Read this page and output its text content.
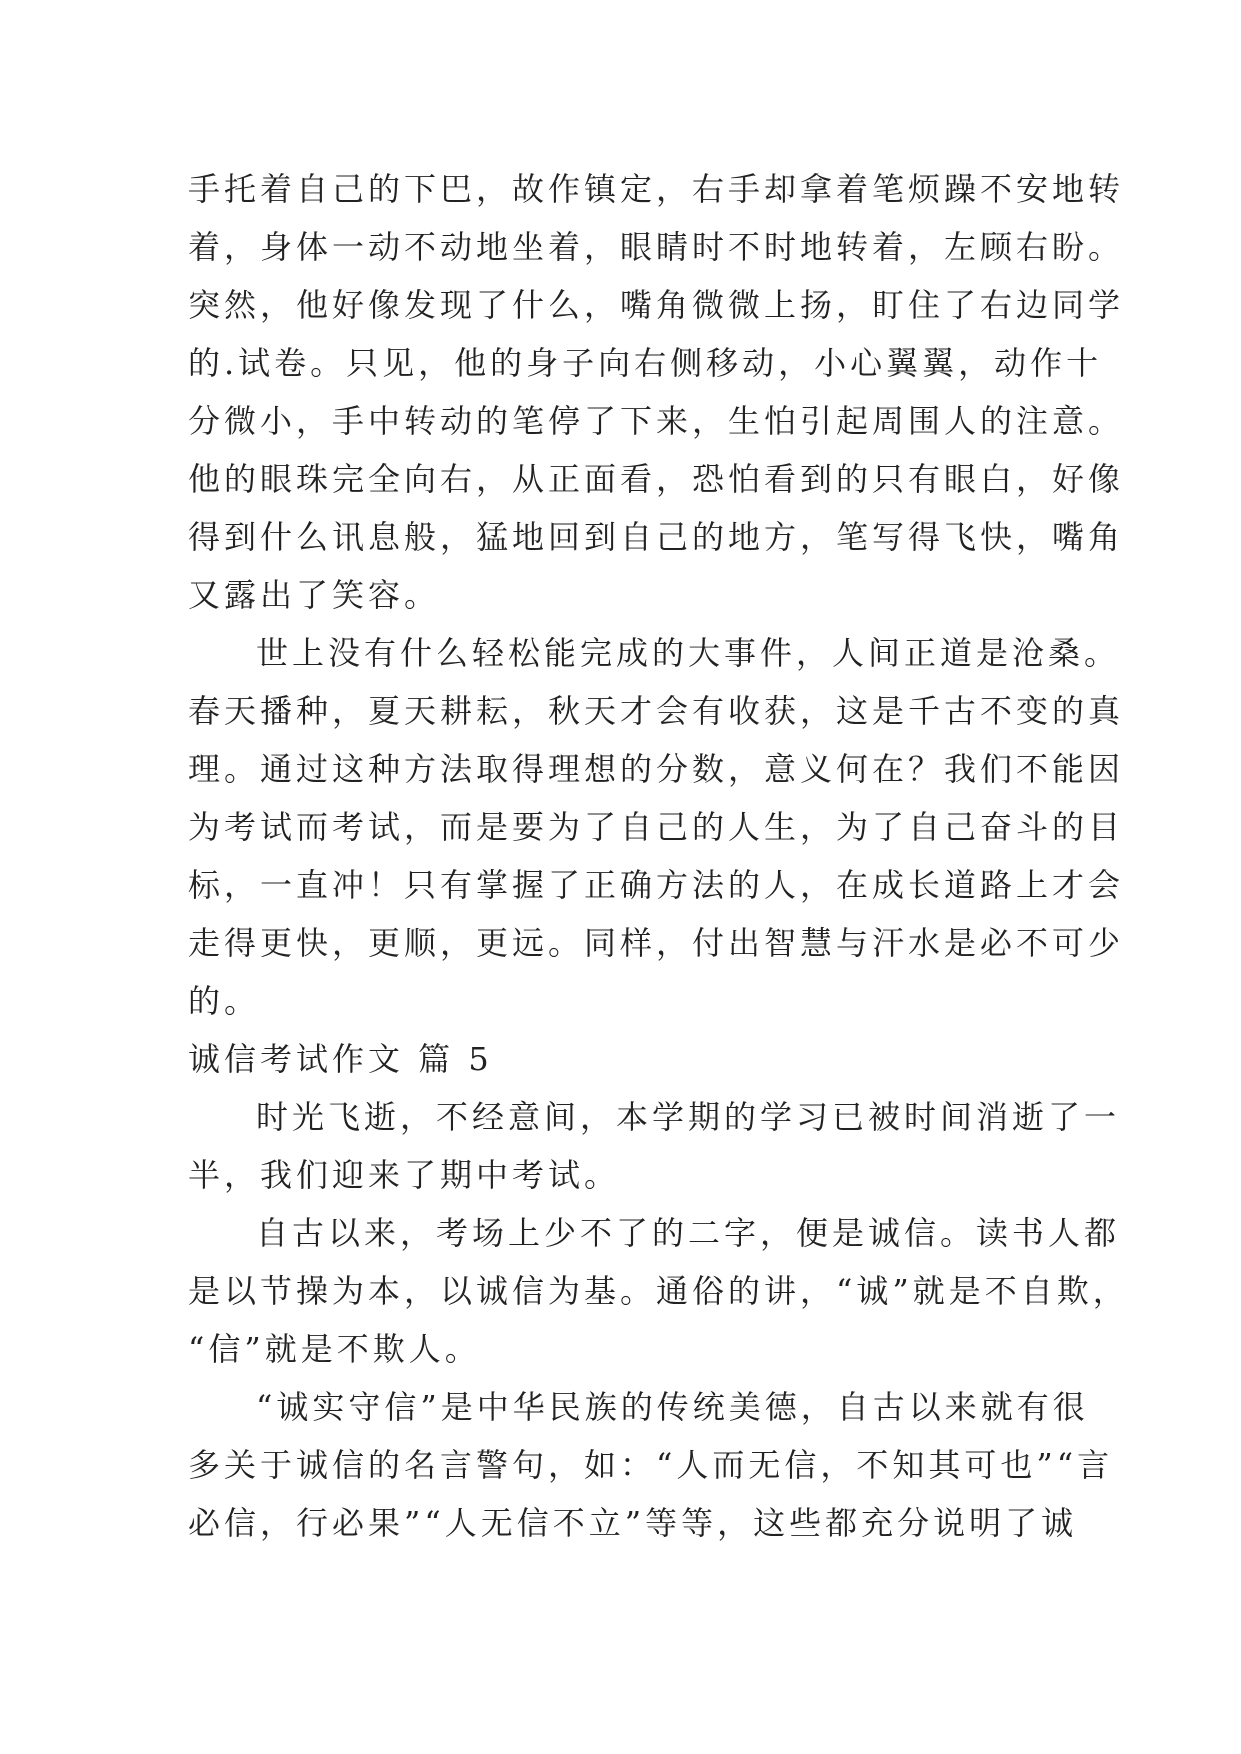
手托着自己的下巴，故作镇定，右手却拿着笔烦躁不安地转
着，身体一动不动地坐着，眼睛时不时地转着，左顾右盼。
突然，他好像发现了什么，嘴角微微上扬，盯住了右边同学
的.试卷。只见，他的身子向右侧移动，小心翼翼，动作十
分微小，手中转动的笔停了下来，生怕引起周围人的注意。
他的眼珠完全向右，从正面看，恐怕看到的只有眼白，好像
得到什么讯息般，猛地回到自己的地方，笔写得飞快，嘴角
又露出了笑容。
世上没有什么轻松能完成的大事件，人间正道是沧桑。
春天播种，夏天耕耘，秋天才会有收获，这是千古不变的真
理。通过这种方法取得理想的分数，意义何在？我们不能因
为考试而考试，而是要为了自己的人生，为了自己奋斗的目
标，一直冲！只有掌握了正确方法的人，在成长道路上才会
走得更快，更顺，更远。同样，付出智慧与汗水是必不可少
的。
诚信考试作文 篇 5
时光飞逝，不经意间，本学期的学习已被时间消逝了一
半，我们迎来了期中考试。
自古以来，考场上少不了的二字，便是诚信。读书人都
是以节操为本，以诚信为基。通俗的讲，“诚”就是不自欺，
“信”就是不欺人。
“诚实守信”是中华民族的传统美德，自古以来就有很
多关于诚信的名言警句，如：“人而无信，不知其可也”“言
必信，行必果”“人无信不立”等等，这些都充分说明了诚
